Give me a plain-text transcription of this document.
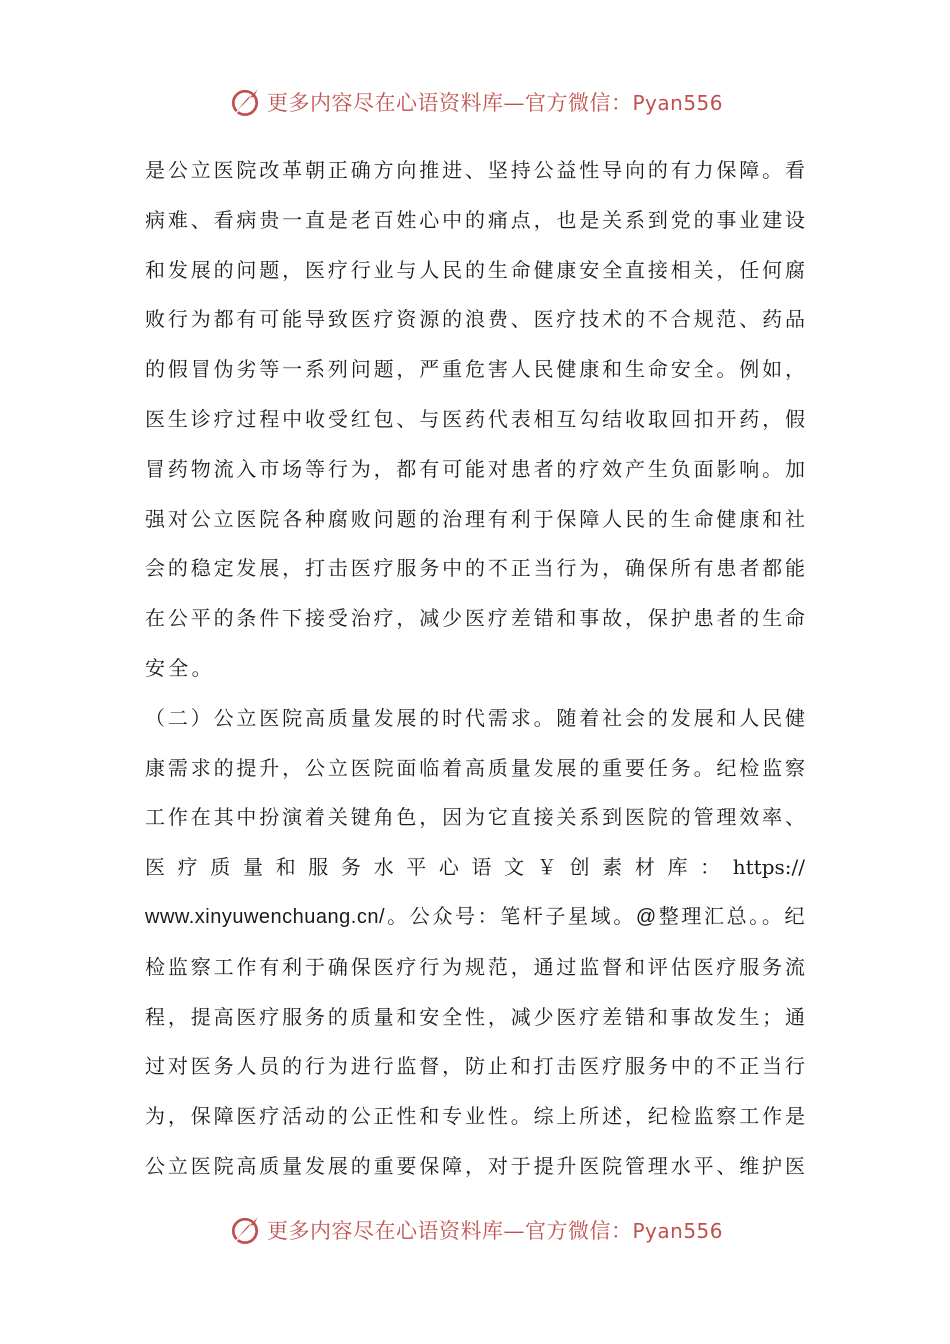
更多内容尽在心语资料库—官方微信：Pyan556
是公立医院改革朝正确方向推进、坚持公益性导向的有力保障。看
病难、看病贵一直是老百姓心中的痛点，也是关系到党的事业建设
和发展的问题，医疗行业与人民的生命健康安全直接相关，任何腐
败行为都有可能导致医疗资源的浪费、医疗技术的不合规范、药品
的假冒伪劣等一系列问题，严重危害人民健康和生命安全。例如，
医生诊疗过程中收受红包、与医药代表相互勾结收取回扣开药，假
冒药物流入市场等行为，都有可能对患者的疗效产生负面影响。加
强对公立医院各种腐败问题的治理有利于保障人民的生命健康和社
会的稳定发展，打击医疗服务中的不正当行为，确保所有患者都能
在公平的条件下接受治疗，减少医疗差错和事故，保护患者的生命
安全。
（二）公立医院高质量发展的时代需求。随着社会的发展和人民健
康需求的提升，公立医院面临着高质量发展的重要任务。纪检监察
工作在其中扮演着关键角色，因为它直接关系到医院的管理效率、
医 疗 质 量 和 服 务 水 平 心 语 文 ￥ 创 素 材 库 ： https://
www.xinyuwenchuang.cn/。公众号：笔杆子星域。@整理汇总。。纪
检监察工作有利于确保医疗行为规范，通过监督和评估医疗服务流
程，提高医疗服务的质量和安全性，减少医疗差错和事故发生；通
过对医务人员的行为进行监督，防止和打击医疗服务中的不正当行
为，保障医疗活动的公正性和专业性。综上所述，纪检监察工作是
公立医院高质量发展的重要保障，对于提升医院管理水平、维护医
更多内容尽在心语资料库—官方微信：Pyan556
